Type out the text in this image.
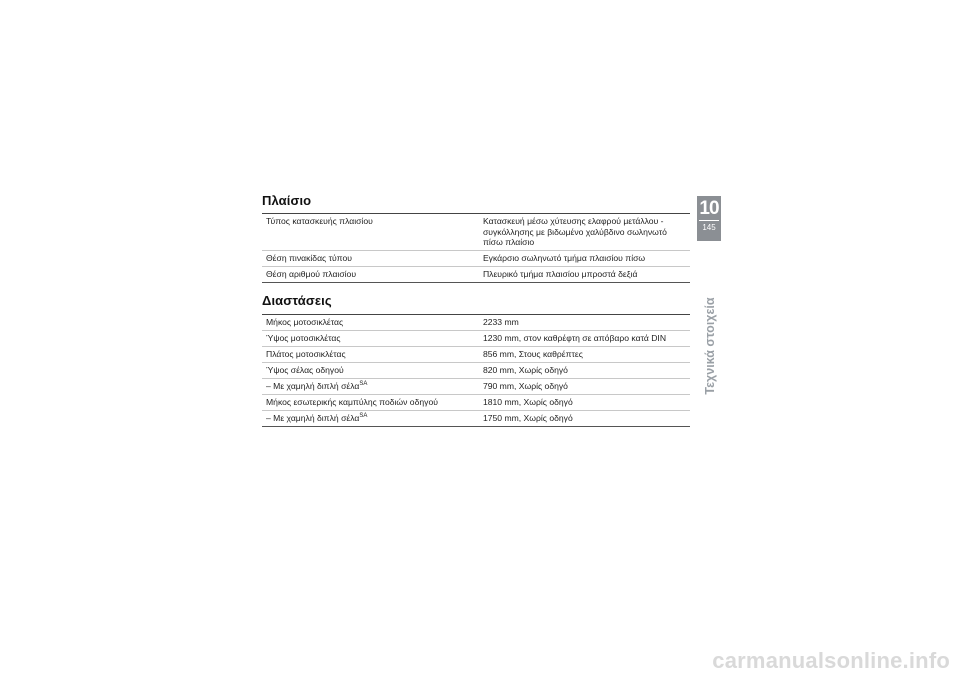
Πλαίσιο

Τύπος κατασκευής πλαισίου	Κατασκευή μέσω χύτευσης ελαφρού μετάλλου - συγκόλλησης με βιδωμένο χαλύβδινο σωληνωτό πίσω πλαίσιο
Θέση πινακίδας τύπου	Εγκάρσιο σωληνωτό τμήμα πλαισίου πίσω
Θέση αριθμού πλαισίου	Πλευρικό τμήμα πλαισίου μπροστά δεξιά
Διαστάσεις

Μήκος μοτοσικλέτας	2233 mm
Ύψος μοτοσικλέτας	1230 mm, στον καθρέφτη σε απόβαρο κατά DIN
Πλάτος μοτοσικλέτας	856 mm, Στους καθρέπτες
Ύψος σέλας οδηγού	820 mm, Χωρίς οδηγό
– Με χαμηλή διπλή σέλα$^{SA}$	790 mm, Χωρίς οδηγό
Μήκος εσωτερικής καμπύλης ποδιών οδηγού	1810 mm, Χωρίς οδηγό
– Με χαμηλή διπλή σέλα$^{SA}$	1750 mm, Χωρίς οδηγό
10
145
Τεχνικά στοιχεία
carmanualsonline.info
